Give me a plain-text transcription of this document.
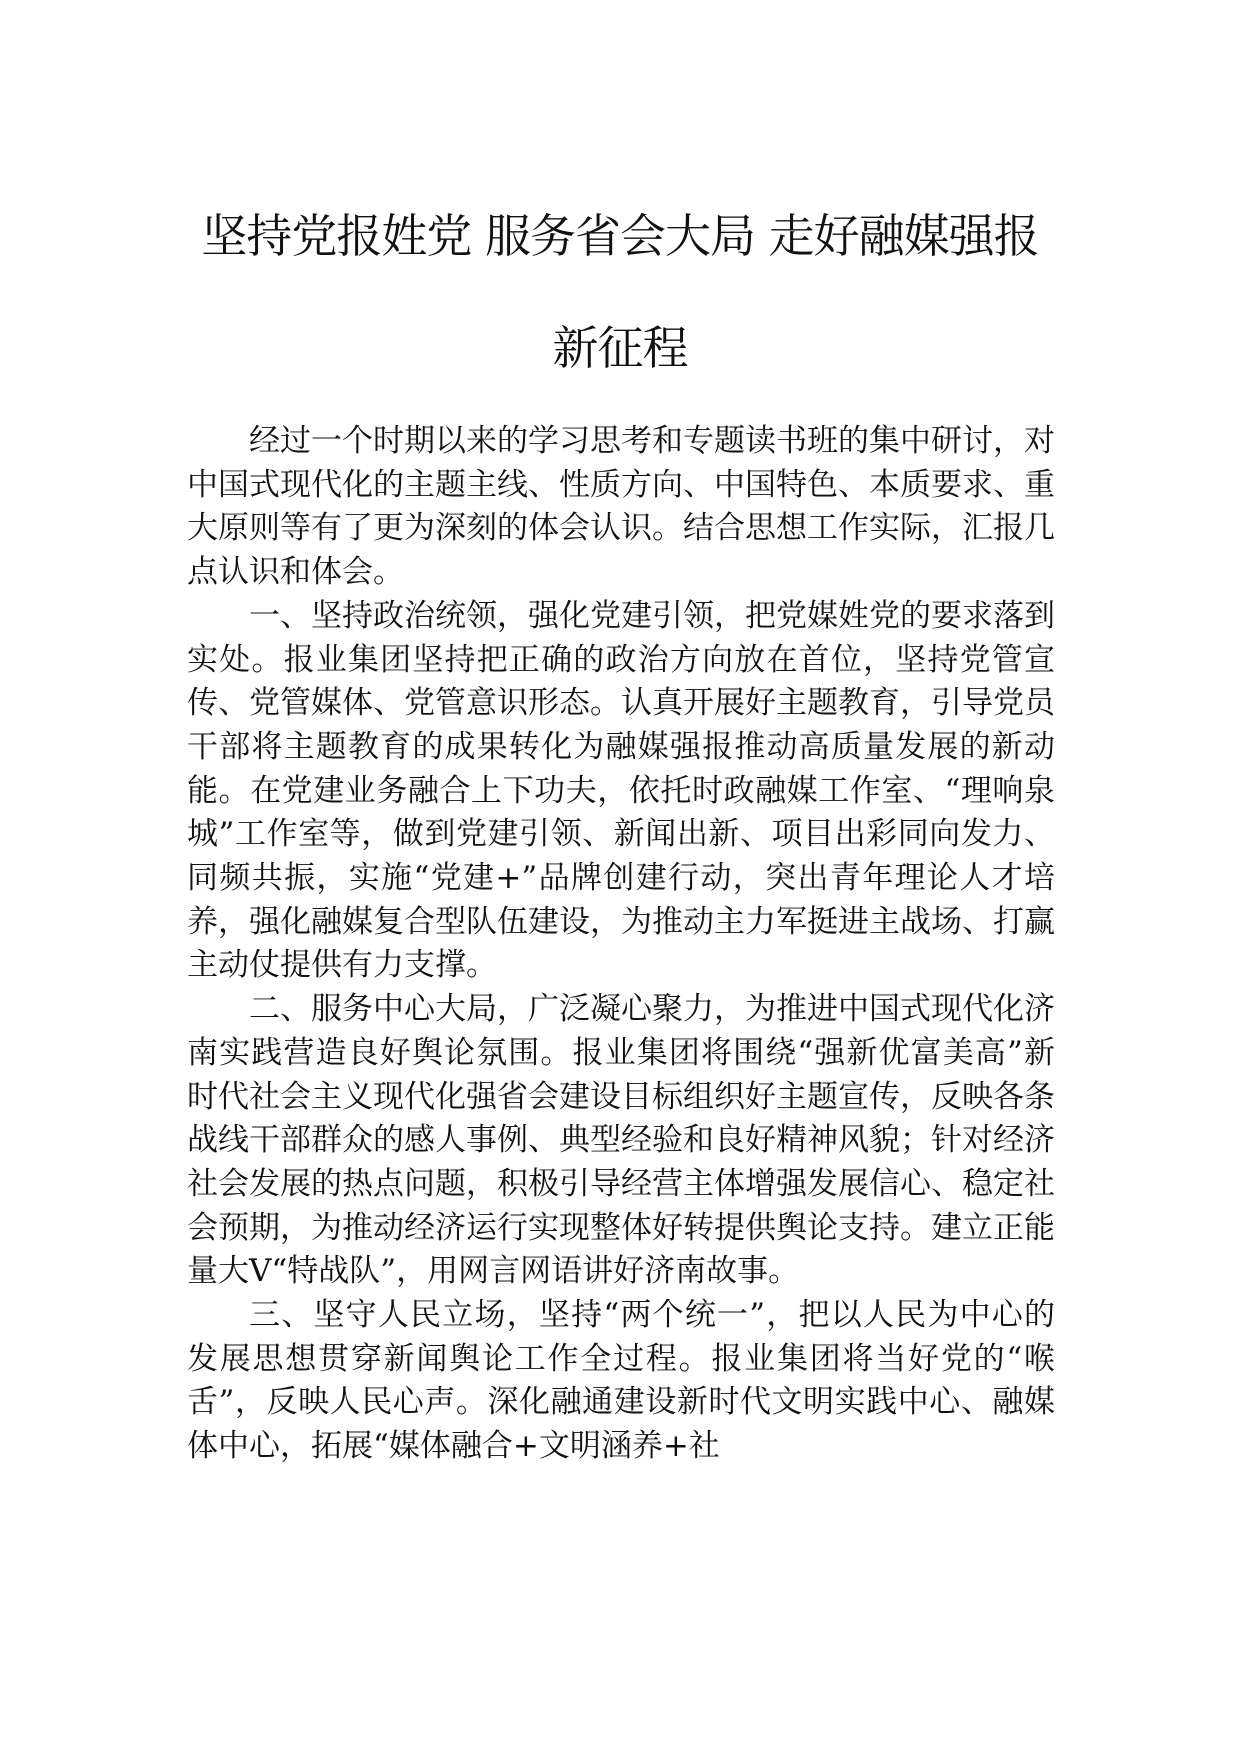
坚持党报姓党 服务省会大局 走好融媒强报
新征程

经过一个时期以来的学习思考和专题读书班的集中研讨，对中国式现代化的主题主线、性质方向、中国特色、本质要求、重大原则等有了更为深刻的体会认识。结合思想工作实际，汇报几点认识和体会。

一、坚持政治统领，强化党建引领，把党媒姓党的要求落到实处。报业集团坚持把正确的政治方向放在首位，坚持党管宣传、党管媒体、党管意识形态。认真开展好主题教育，引导党员干部将主题教育的成果转化为融媒强报推动高质量发展的新动能。在党建业务融合上下功夫，依托时政融媒工作室、“理响泉城”工作室等，做到党建引领、新闻出新、项目出彩同向发力、同频共振，实施“党建+”品牌创建行动，突出青年理论人才培养，强化融媒复合型队伍建设，为推动主力军挺进主战场、打赢主动仗提供有力支撑。

二、服务中心大局，广泛凝心聚力，为推进中国式现代化济南实践营造良好舆论氛围。报业集团将围绕“强新优富美高”新时代社会主义现代化强省会建设目标组织好主题宣传，反映各条战线干部群众的感人事例、典型经验和良好精神风貌；针对经济社会发展的热点问题，积极引导经营主体增强发展信心、稳定社会预期，为推动经济运行实现整体好转提供舆论支持。建立正能量大V“特战队”，用网言网语讲好济南故事。

三、坚守人民立场，坚持“两个统一”，把以人民为中心的发展思想贯穿新闻舆论工作全过程。报业集团将当好党的“喉舌”，反映人民心声。深化融通建设新时代文明实践中心、融媒体中心，拓展“媒体融合+文明涵养+社
